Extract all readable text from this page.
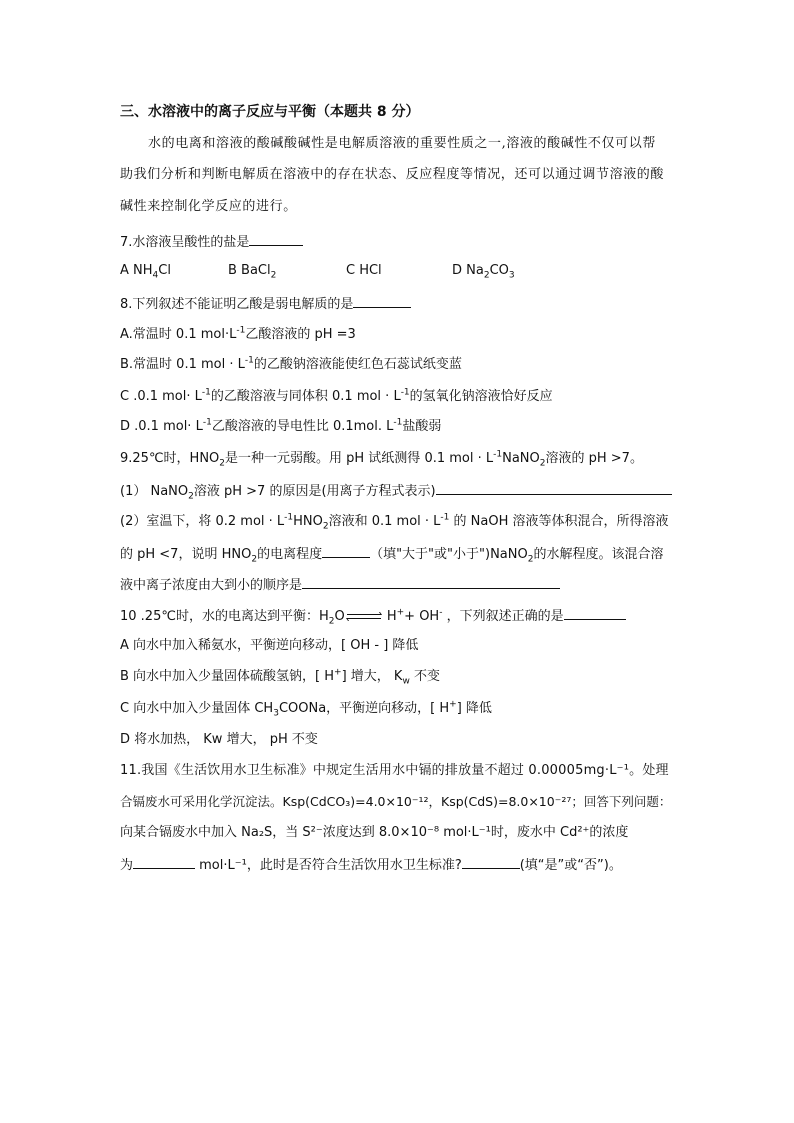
三、水溶液中的离子反应与平衡（本题共 8 分）
水的电离和溶液的酸碱酸碱性是电解质溶液的重要性质之一,溶液的酸碱性不仅可以帮
助我们分析和判断电解质在溶液中的存在状态、反应程度等情况，还可以通过调节溶液的酸
碱性来控制化学反应的进行。
7.水溶液呈酸性的盐是
A $NH_4Cl$	B BaCl$_2$	C HCl	D $Na_2CO_3$
8.下列叙述不能证明乙酸是弱电解质的是
A.常温时 0.1 $mol\cdot L^{-1}$乙酸溶液的 pH =3
B.常温时 0.1 mol · $L^{-1}$的乙酸钠溶液能使红色石蕊试纸变蓝
C .0.1 $mol\cdot L^{-1}$的乙酸溶液与同体积 0.1 mol · $L^{-1}$的氢氧化钠溶液恰好反应
D .0.1 $mol\cdot L^{-1}$乙酸溶液的导电性比 0.1mol. $L^{-1}$盐酸弱
9.25℃时，$HNO_2$是一种一元弱酸。用 pH 试纸测得 0.1 mol · $L^{-1}NaNO_2$溶液的 pH >7。
(1） NaNO$_2$溶液 pH >7 的原因是(用离子方程式表示)
(2）室温下，将 0.2 mol · $L^{-1}HNO_2$溶液和 0.1 mol · $L^{-1}$ 的 NaOH 溶液等体积混合，所得溶液
的 pH <7，说明 $HNO_2$的电离程度	（填"大于"或"小于")NaNO$_2$的水解程度。该混合溶
液中离子浓度由大到小的顺序是
10 .25℃时，水的电离达到平衡：$H_2O$	H++ OH- ，下列叙述正确的是
A 向水中加入稀氨水，平衡逆向移动，[ OH - ] 降低
B 向水中加入少量固体硫酸氢钠，[ H+] 增大， $K_w$ 不变
C 向水中加入少量固体 $CH_3COONa$，平衡逆向移动，[ H+] 降低
D 将水加热， Kw 增大， pH 不变
11.我国《生活饮用水卫生标准》中规定生活用水中镉的排放量不超过 0.00005mg·L⁻¹。处理
合镉废水可采用化学沉淀法。Ksp(CdCO₃)=4.0×10⁻¹²，Ksp(CdS)=8.0×10⁻²⁷；回答下列问题：
向某合镉废水中加入 Na₂S，当 S²⁻浓度达到 8.0×10⁻⁸ mol·L⁻¹时，废水中 Cd²⁺的浓度
为	mol·L⁻¹，此时是否符合生活饮用水卫生标准?	(填“是”或“否”)。
